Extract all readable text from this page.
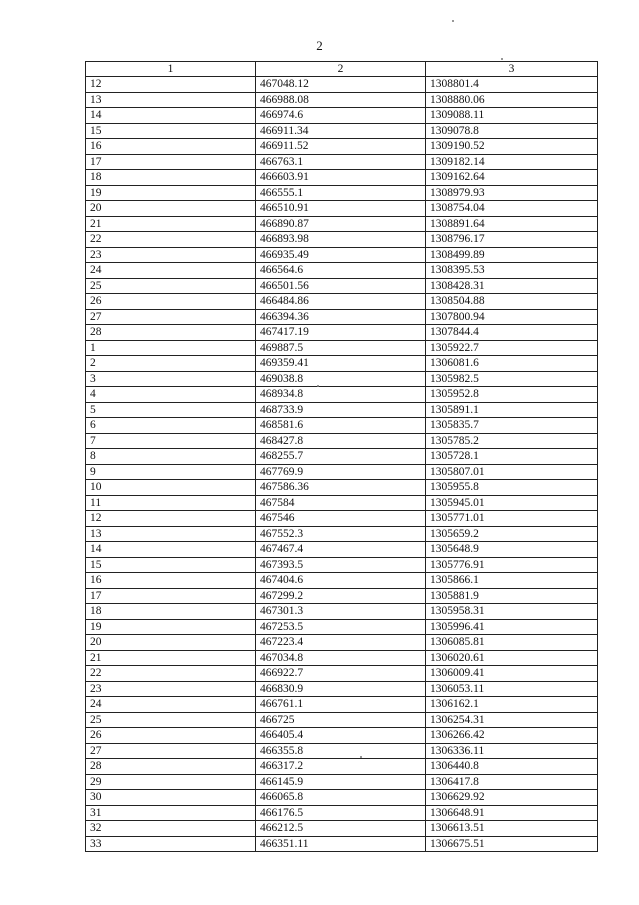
2
1	2	3
12	467048.12	1308801.4
13	466988.08	1308880.06
14	466974.6	1309088.11
15	466911.34	1309078.8
16	466911.52	1309190.52
17	466763.1	1309182.14
18	466603.91	1309162.64
19	466555.1	1308979.93
20	466510.91	1308754.04
21	466890.87	1308891.64
22	466893.98	1308796.17
23	466935.49	1308499.89
24	466564.6	1308395.53
25	466501.56	1308428.31
26	466484.86	1308504.88
27	466394.36	1307800.94
28	467417.19	1307844.4
1	469887.5	1305922.7
2	469359.41	1306081.6
3	469038.8	1305982.5
4	468934.8	1305952.8
5	468733.9	1305891.1
6	468581.6	1305835.7
7	468427.8	1305785.2
8	468255.7	1305728.1
9	467769.9	1305807.01
10	467586.36	1305955.8
11	467584	1305945.01
12	467546	1305771.01
13	467552.3	1305659.2
14	467467.4	1305648.9
15	467393.5	1305776.91
16	467404.6	1305866.1
17	467299.2	1305881.9
18	467301.3	1305958.31
19	467253.5	1305996.41
20	467223.4	1306085.81
21	467034.8	1306020.61
22	466922.7	1306009.41
23	466830.9	1306053.11
24	466761.1	1306162.1
25	466725	1306254.31
26	466405.4	1306266.42
27	466355.8	1306336.11
28	466317.2	1306440.8
29	466145.9	1306417.8
30	466065.8	1306629.92
31	466176.5	1306648.91
32	466212.5	1306613.51
33	466351.11	1306675.51
